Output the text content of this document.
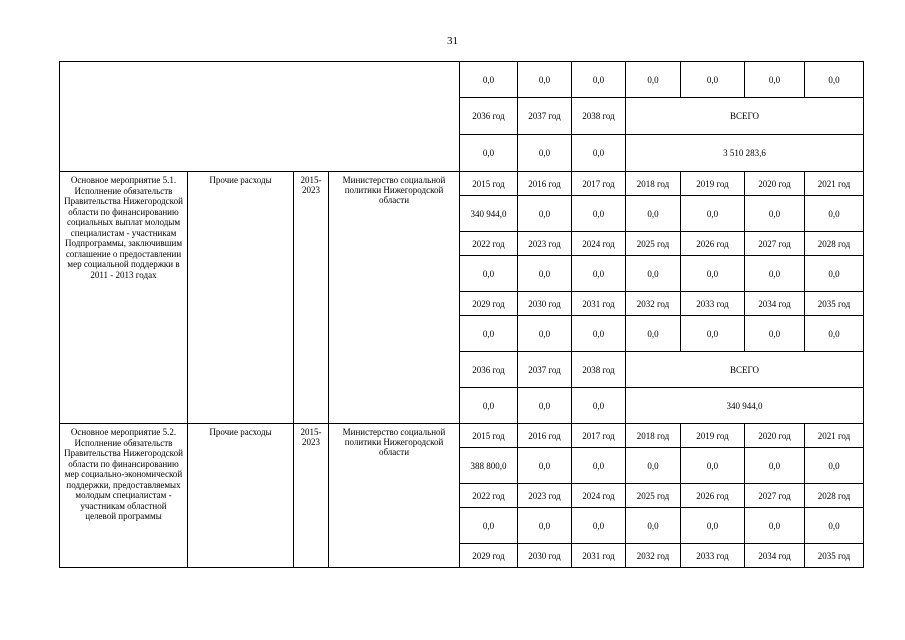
31
				0,0	0,0	0,0	0,0	0,0	0,0	0,0
				2036 год	2037 год	2038 год	ВСЕГО			
				0,0	0,0	0,0	3 510 283,6			
Основное мероприятие 5.1. Исполнение обязательств Правительства Нижегородской области по финансированию социальных выплат молодым специалистам - участникам Подпрограммы, заключившим соглашение о предоставлении мер социальной поддержки в 2011 - 2013 годах	Прочие расходы	2015-2023	Министерство социальной политики Нижегородской области	2015 год	2016 год	2017 год	2018 год	2019 год	2020 год	2021 год
				340 944,0	0,0	0,0	0,0	0,0	0,0	0,0
				2022 год	2023 год	2024 год	2025 год	2026 год	2027 год	2028 год
				0,0	0,0	0,0	0,0	0,0	0,0	0,0
				2029 год	2030 год	2031 год	2032 год	2033 год	2034 год	2035 год
				0,0	0,0	0,0	0,0	0,0	0,0	0,0
				2036 год	2037 год	2038 год	ВСЕГО			
				0,0	0,0	0,0	340 944,0			
Основное мероприятие 5.2. Исполнение обязательств Правительства Нижегородской области по финансированию мер социально-экономической поддержки, предоставляемых молодым специалистам - участникам областной целевой программы	Прочие расходы	2015-2023	Министерство социальной политики Нижегородской области	2015 год	2016 год	2017 год	2018 год	2019 год	2020 год	2021 год
				388 800,0	0,0	0,0	0,0	0,0	0,0	0,0
				2022 год	2023 год	2024 год	2025 год	2026 год	2027 год	2028 год
				0,0	0,0	0,0	0,0	0,0	0,0	0,0
				2029 год	2030 год	2031 год	2032 год	2033 год	2034 год	2035 год
